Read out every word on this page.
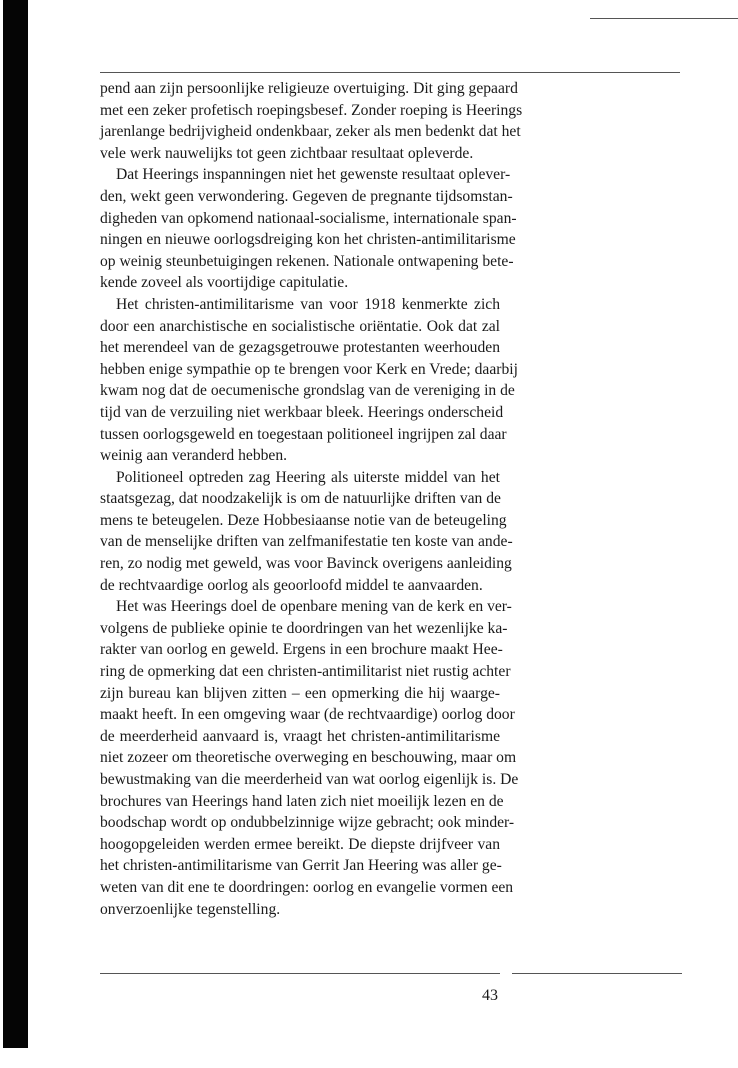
pend aan zijn persoonlijke religieuze overtuiging. Dit ging gepaard
met een zeker profetisch roepingsbesef. Zonder roeping is Heerings
jarenlange bedrijvigheid ondenkbaar, zeker als men bedenkt dat het
vele werk nauwelijks tot geen zichtbaar resultaat opleverde.
Dat Heerings inspanningen niet het gewenste resultaat oplever-
den, wekt geen verwondering. Gegeven de pregnante tijdsomstan-
digheden van opkomend nationaal-socialisme, internationale span-
ningen en nieuwe oorlogsdreiging kon het christen-antimilitarisme
op weinig steunbetuigingen rekenen. Nationale ontwapening bete-
kende zoveel als voortijdige capitulatie.
Het christen-antimilitarisme van voor 1918 kenmerkte zich
door een anarchistische en socialistische oriëntatie. Ook dat zal
het merendeel van de gezagsgetrouwe protestanten weerhouden
hebben enige sympathie op te brengen voor Kerk en Vrede; daarbij
kwam nog dat de oecumenische grondslag van de vereniging in de
tijd van de verzuiling niet werkbaar bleek. Heerings onderscheid
tussen oorlogsgeweld en toegestaan politioneel ingrijpen zal daar
weinig aan veranderd hebben.
Politioneel optreden zag Heering als uiterste middel van het
staatsgezag, dat noodzakelijk is om de natuurlijke driften van de
mens te beteugelen. Deze Hobbesiaanse notie van de beteugeling
van de menselijke driften van zelfmanifestatie ten koste van ande-
ren, zo nodig met geweld, was voor Bavinck overigens aanleiding
de rechtvaardige oorlog als geoorloofd middel te aanvaarden.
Het was Heerings doel de openbare mening van de kerk en ver-
volgens de publieke opinie te doordringen van het wezenlijke ka-
rakter van oorlog en geweld. Ergens in een brochure maakt Hee-
ring de opmerking dat een christen-antimilitarist niet rustig achter
zijn bureau kan blijven zitten – een opmerking die hij waarge-
maakt heeft. In een omgeving waar (de rechtvaardige) oorlog door
de meerderheid aanvaard is, vraagt het christen-antimilitarisme
niet zozeer om theoretische overweging en beschouwing, maar om
bewustmaking van die meerderheid van wat oorlog eigenlijk is. De
brochures van Heerings hand laten zich niet moeilijk lezen en de
boodschap wordt op ondubbelzinnige wijze gebracht; ook minder-
hoogopgeleiden werden ermee bereikt. De diepste drijfveer van
het christen-antimilitarisme van Gerrit Jan Heering was aller ge-
weten van dit ene te doordringen: oorlog en evangelie vormen een
onverzoenlijke tegenstelling.
43
